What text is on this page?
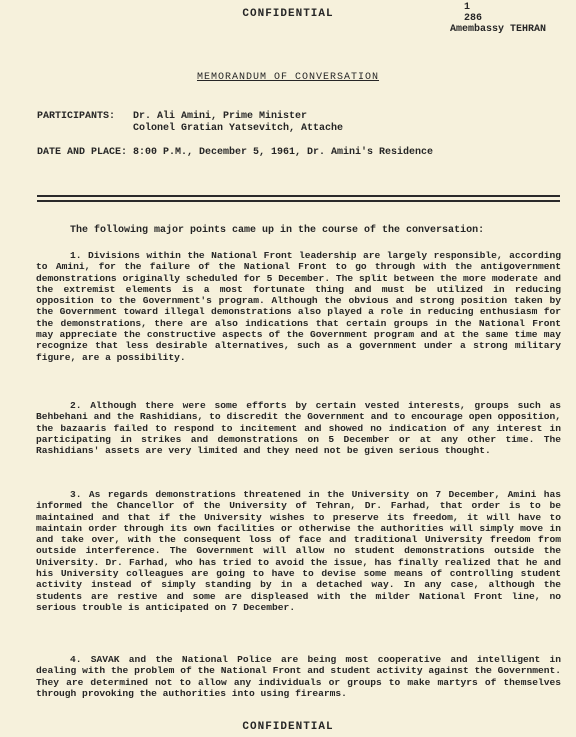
CONFIDENTIAL
1
286
Amembassy TEHRAN
MEMORANDUM OF CONVERSATION
PARTICIPANTS: Dr. Ali Amini, Prime Minister
Colonel Gratian Yatsevitch, Attache
DATE AND PLACE: 8:00 P.M., December 5, 1961, Dr. Amini's Residence
The following major points came up in the course of the conversation:
1. Divisions within the National Front leadership are largely responsible, according to Amini, for the failure of the National Front to go through with the antigovernment demonstrations originally scheduled for 5 December. The split between the more moderate and the extremist elements is a most fortunate thing and must be utilized in reducing opposition to the Government's program. Although the obvious and strong position taken by the Government toward illegal demonstrations also played a role in reducing enthusiasm for the demonstrations, there are also indications that certain groups in the National Front may appreciate the constructive aspects of the Government program and at the same time may recognize that less desirable alternatives, such as a government under a strong military figure, are a possibility.
2. Although there were some efforts by certain vested interests, groups such as Behbehani and the Rashidians, to discredit the Government and to encourage open opposition, the bazaaris failed to respond to incitement and showed no indication of any interest in participating in strikes and demonstrations on 5 December or at any other time. The Rashidians' assets are very limited and they need not be given serious thought.
3. As regards demonstrations threatened in the University on 7 December, Amini has informed the Chancellor of the University of Tehran, Dr. Farhad, that order is to be maintained and that if the University wishes to preserve its freedom, it will have to maintain order through its own facilities or otherwise the authorities will simply move in and take over, with the consequent loss of face and traditional University freedom from outside interference. The Government will allow no student demonstrations outside the University. Dr. Farhad, who has tried to avoid the issue, has finally realized that he and his University colleagues are going to have to devise some means of controlling student activity instead of simply standing by in a detached way. In any case, although the students are restive and some are displeased with the milder National Front line, no serious trouble is anticipated on 7 December.
4. SAVAK and the National Police are being most cooperative and intelligent in dealing with the problem of the National Front and student activity against the Government. They are determined not to allow any individuals or groups to make martyrs of themselves through provoking the authorities into using firearms.
CONFIDENTIAL
